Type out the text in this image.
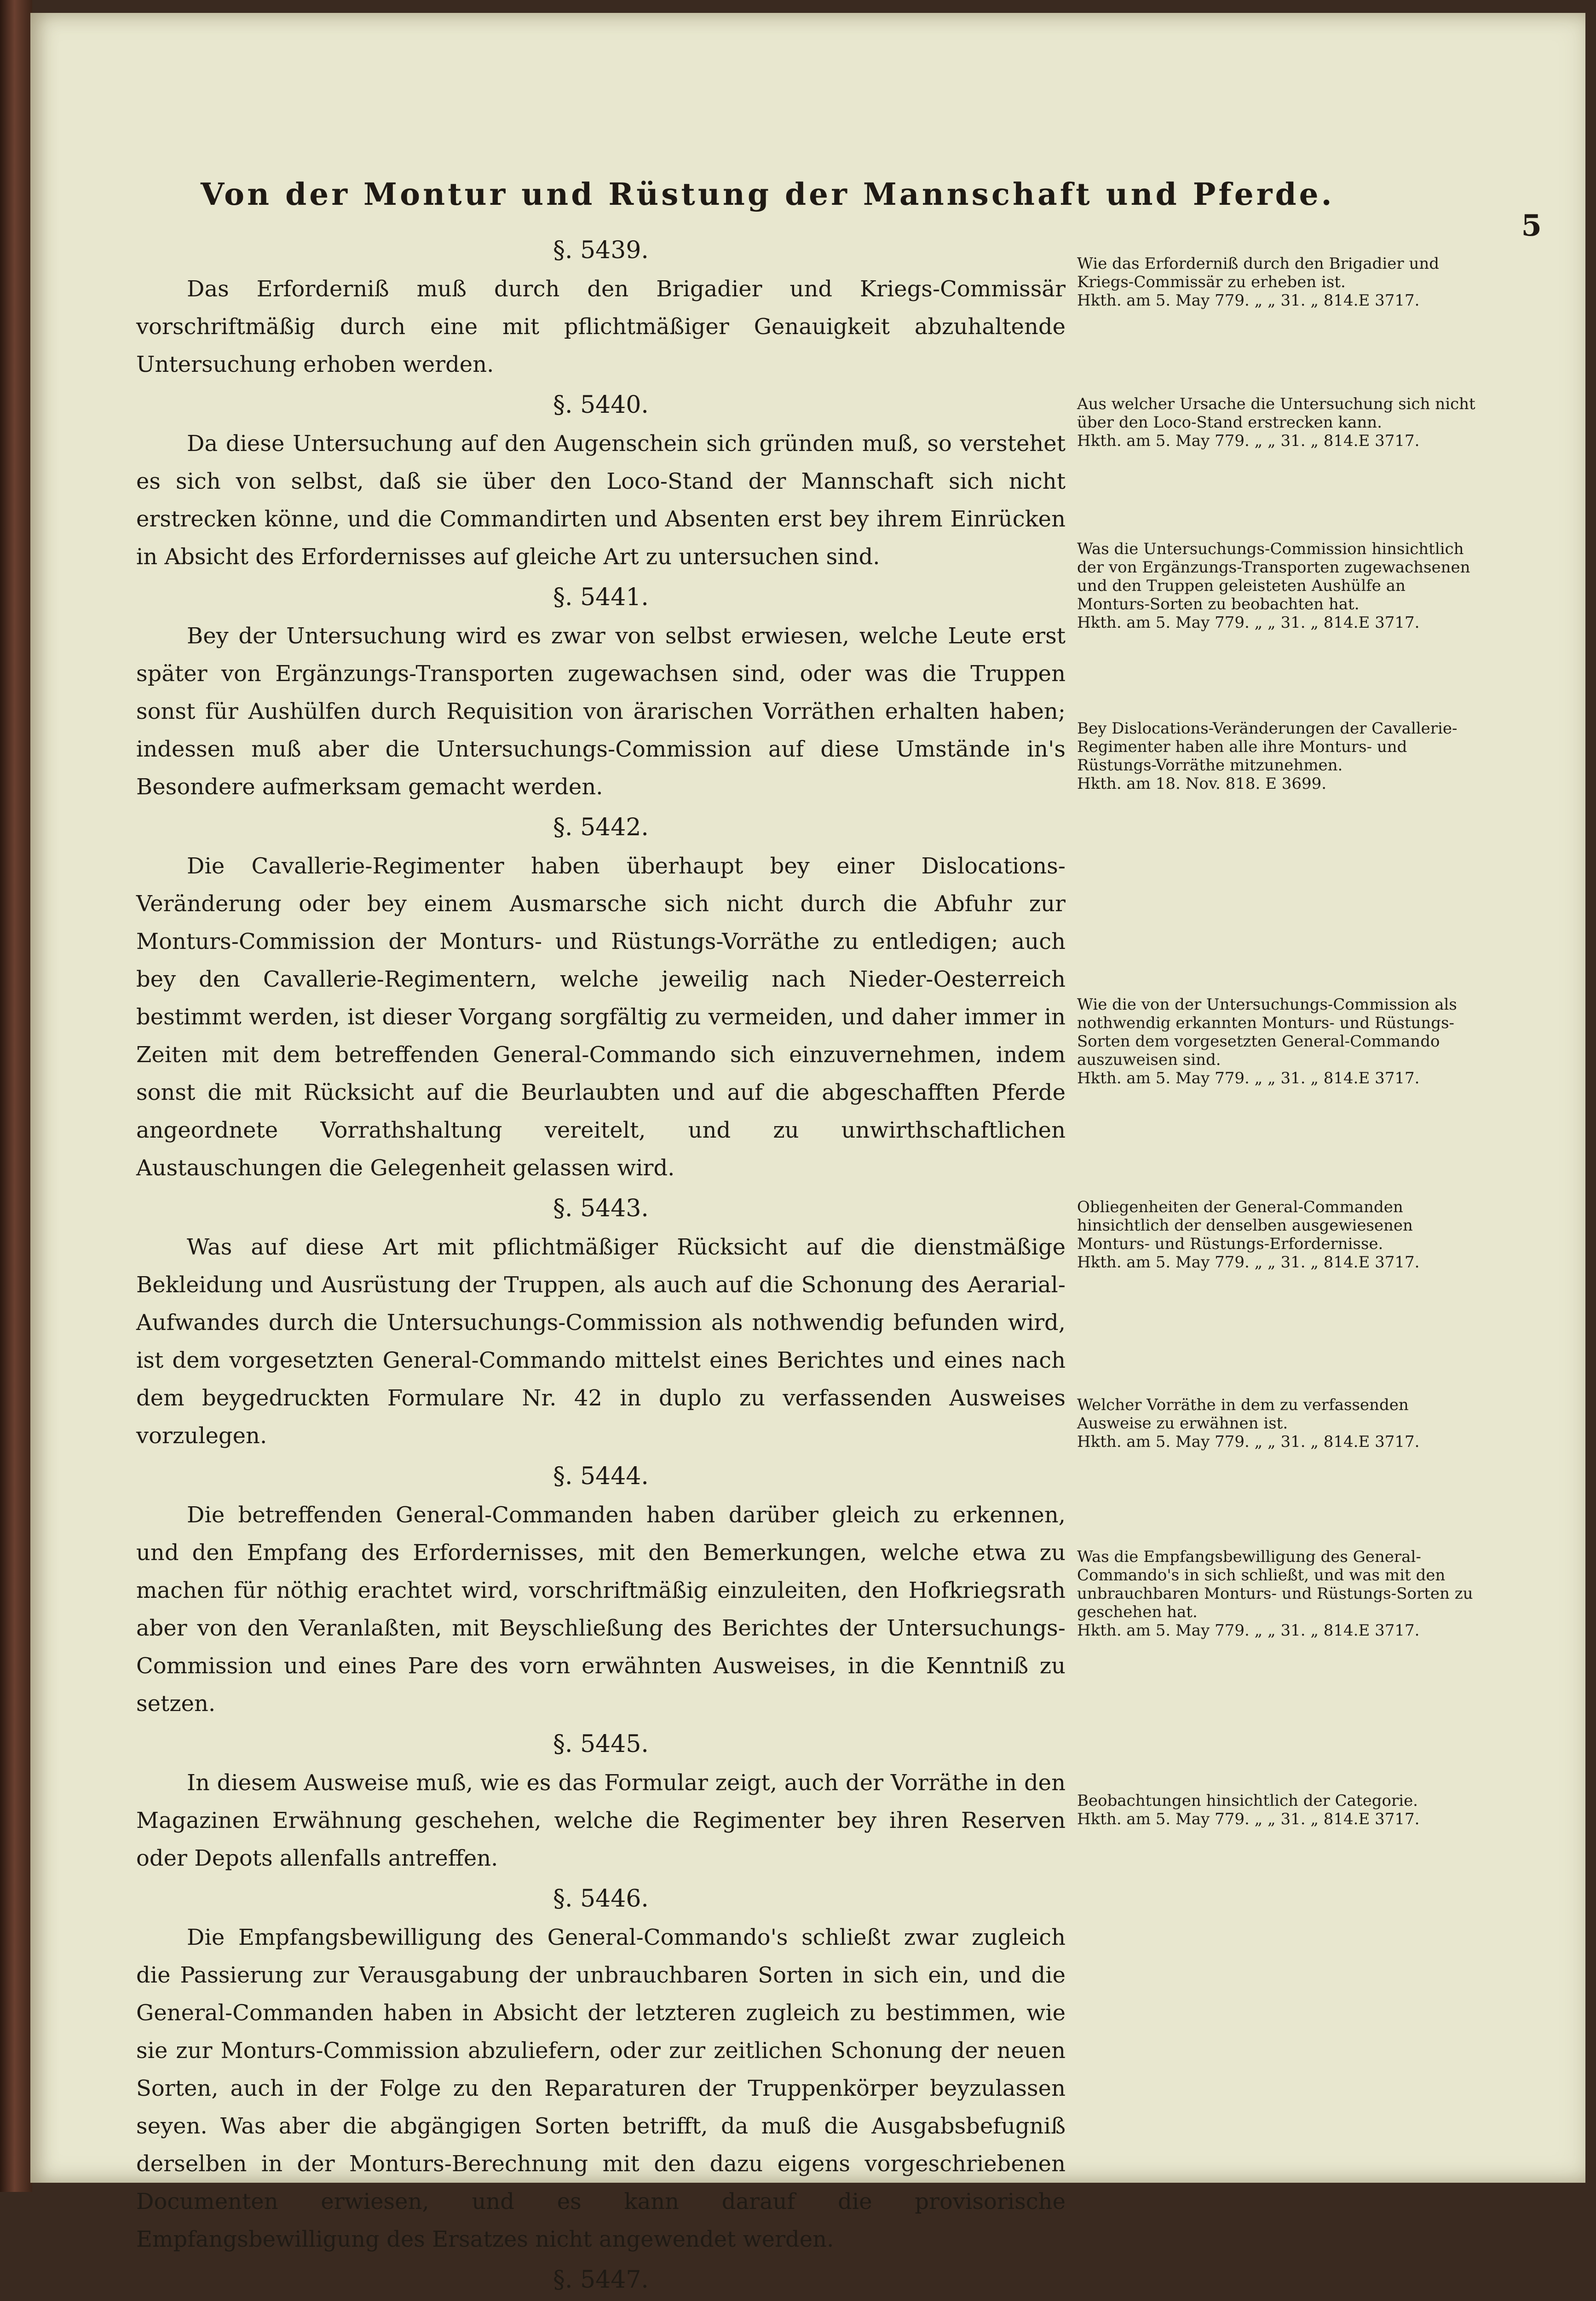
Von der Montur und Rüstung der Mannschaft und Pferde.
5
§. 5439.
Das Erforderniß muß durch den Brigadier und Kriegs-Commissär vorschriftmäßig durch eine mit pflichtmäßiger Genauigkeit abzuhaltende Untersuchung erhoben werden.
§. 5440.
Da diese Untersuchung auf den Augenschein sich gründen muß, so verstehet es sich von selbst, daß sie über den Loco-Stand der Mannschaft sich nicht erstrecken könne, und die Commandirten und Absenten erst bey ihrem Einrücken in Absicht des Erfordernisses auf gleiche Art zu untersuchen sind.
§. 5441.
Bey der Untersuchung wird es zwar von selbst erwiesen, welche Leute erst später von Ergänzungs-Transporten zugewachsen sind, oder was die Truppen sonst für Aushülfen durch Requisition von ärarischen Vorräthen erhalten haben; indessen muß aber die Untersuchungs-Commission auf diese Umstände in's Besondere aufmerksam gemacht werden.
§. 5442.
Die Cavallerie-Regimenter haben überhaupt bey einer Dislocations-Veränderung oder bey einem Ausmarsche sich nicht durch die Abfuhr zur Monturs-Commission der Monturs- und Rüstungs-Vorräthe zu entledigen; auch bey den Cavallerie-Regimentern, welche jeweilig nach Nieder-Oesterreich bestimmt werden, ist dieser Vorgang sorgfältig zu vermeiden, und daher immer in Zeiten mit dem betreffenden General-Commando sich einzuvernehmen, indem sonst die mit Rücksicht auf die Beurlaubten und auf die abgeschafften Pferde angeordnete Vorrathshaltung vereitelt, und zu unwirthschaftlichen Austauschungen die Gelegenheit gelassen wird.
§. 5443.
Was auf diese Art mit pflichtmäßiger Rücksicht auf die dienstmäßige Bekleidung und Ausrüstung der Truppen, als auch auf die Schonung des Aerarial-Aufwandes durch die Untersuchungs-Commission als nothwendig befunden wird, ist dem vorgesetzten General-Commando mittelst eines Berichtes und eines nach dem beygedruckten Formulare Nr. 42 in duplo zu verfassenden Ausweises vorzulegen.
§. 5444.
Die betreffenden General-Commanden haben darüber gleich zu erkennen, und den Empfang des Erfordernisses, mit den Bemerkungen, welche etwa zu machen für nöthig erachtet wird, vorschriftmäßig einzuleiten, den Hofkriegsrath aber von den Veranlaßten, mit Beyschließung des Berichtes der Untersuchungs-Commission und eines Pare des vorn erwähnten Ausweises, in die Kenntniß zu setzen.
§. 5445.
In diesem Ausweise muß, wie es das Formular zeigt, auch der Vorräthe in den Magazinen Erwähnung geschehen, welche die Regimenter bey ihren Reserven oder Depots allenfalls antreffen.
§. 5446.
Die Empfangsbewilligung des General-Commando's schließt zwar zugleich die Passierung zur Verausgabung der unbrauchbaren Sorten in sich ein, und die General-Commanden haben in Absicht der letzteren zugleich zu bestimmen, wie sie zur Monturs-Commission abzuliefern, oder zur zeitlichen Schonung der neuen Sorten, auch in der Folge zu den Reparaturen der Truppenkörper beyzulassen seyen. Was aber die abgängigen Sorten betrifft, da muß die Ausgabsbefugniß derselben in der Monturs-Berechnung mit den dazu eigens vorgeschriebenen Documenten erwiesen, und es kann darauf die provisorische Empfangsbewilligung des Ersatzes nicht angewendet werden.
§. 5447.
Wie das Erforderniß durch den Brigadier und Kriegs-Commissär zu erheben ist.
Hkth. am 5. May 779. „ „ 31. „ 814.E 3717.
Aus welcher Ursache die Untersuchung sich nicht über den Loco-Stand erstrecken kann.
Hkth. am 5. May 779. „ „ 31. „ 814.E 3717.
Was die Untersuchungs-Commission hinsichtlich der von Ergänzungs-Transporten zugewachsenen und den Truppen geleisteten Aushülfe an Monturs-Sorten zu beobachten hat.
Hkth. am 5. May 779. „ „ 31. „ 814.E 3717.
Bey Dislocations-Veränderungen der Cavallerie-Regimenter haben alle ihre Monturs- und Rüstungs-Vorräthe mitzunehmen.
Hkth. am 18. Nov. 818. E 3699.
Wie die von der Untersuchungs-Commission als nothwendig erkannten Monturs- und Rüstungs-Sorten dem vorgesetzten General-Commando auszuweisen sind.
Hkth. am 5. May 779. „ „ 31. „ 814.E 3717.
Obliegenheiten der General-Commanden hinsichtlich der denselben ausgewiesenen Monturs- und Rüstungs-Erfordernisse.
Hkth. am 5. May 779. „ „ 31. „ 814.E 3717.
Welcher Vorräthe in dem zu verfassenden Ausweise zu erwähnen ist.
Hkth. am 5. May 779. „ „ 31. „ 814.E 3717.
Was die Empfangsbewilligung des General-Commando's in sich schließt, und was mit den unbrauchbaren Monturs- und Rüstungs-Sorten zu geschehen hat.
Hkth. am 5. May 779. „ „ 31. „ 814.E 3717.
Beobachtungen hinsichtlich der Categorie.
Hkth. am 5. May 779. „ „ 31. „ 814.E 3717.
